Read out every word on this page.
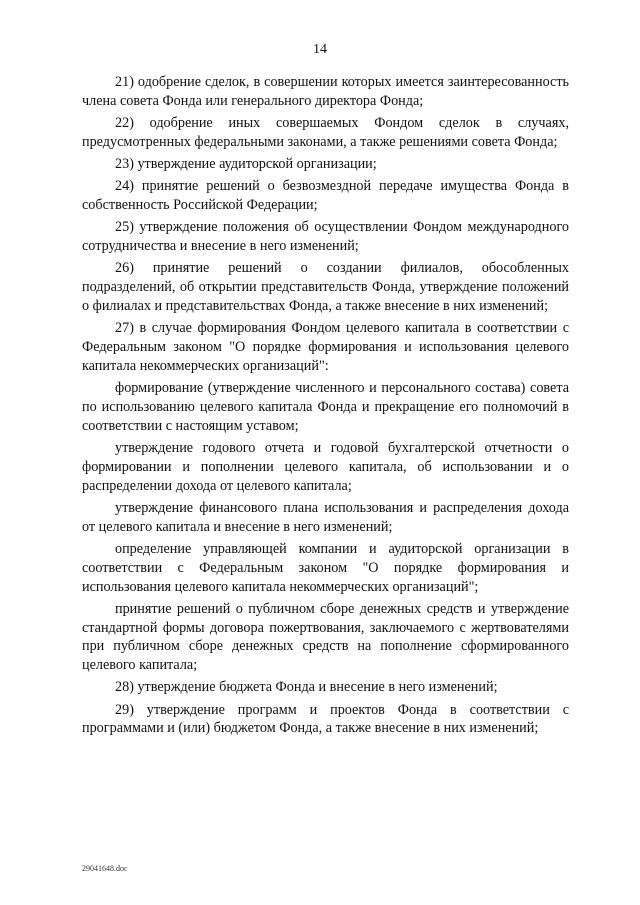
14

21) одобрение сделок, в совершении которых имеется заинтересованность члена совета Фонда или генерального директора Фонда;

22) одобрение иных совершаемых Фондом сделок в случаях, предусмотренных федеральными законами, а также решениями совета Фонда;

23) утверждение аудиторской организации;

24) принятие решений о безвозмездной передаче имущества Фонда в собственность Российской Федерации;

25) утверждение положения об осуществлении Фондом международного сотрудничества и внесение в него изменений;

26) принятие решений о создании филиалов, обособленных подразделений, об открытии представительств Фонда, утверждение положений о филиалах и представительствах Фонда, а также внесение в них изменений;

27) в случае формирования Фондом целевого капитала в соответствии с Федеральным законом "О порядке формирования и использования целевого капитала некоммерческих организаций":

формирование (утверждение численного и персонального состава) совета по использованию целевого капитала Фонда и прекращение его полномочий в соответствии с настоящим уставом;

утверждение годового отчета и годовой бухгалтерской отчетности о формировании и пополнении целевого капитала, об использовании и о распределении дохода от целевого капитала;

утверждение финансового плана использования и распределения дохода от целевого капитала и внесение в него изменений;

определение управляющей компании и аудиторской организации в соответствии с Федеральным законом "О порядке формирования и использования целевого капитала некоммерческих организаций";

принятие решений о публичном сборе денежных средств и утверждение стандартной формы договора пожертвования, заключаемого с жертвователями при публичном сборе денежных средств на пополнение сформированного целевого капитала;

28) утверждение бюджета Фонда и внесение в него изменений;

29) утверждение программ и проектов Фонда в соответствии с программами и (или) бюджетом Фонда, а также внесение в них изменений;

29041648.doc
